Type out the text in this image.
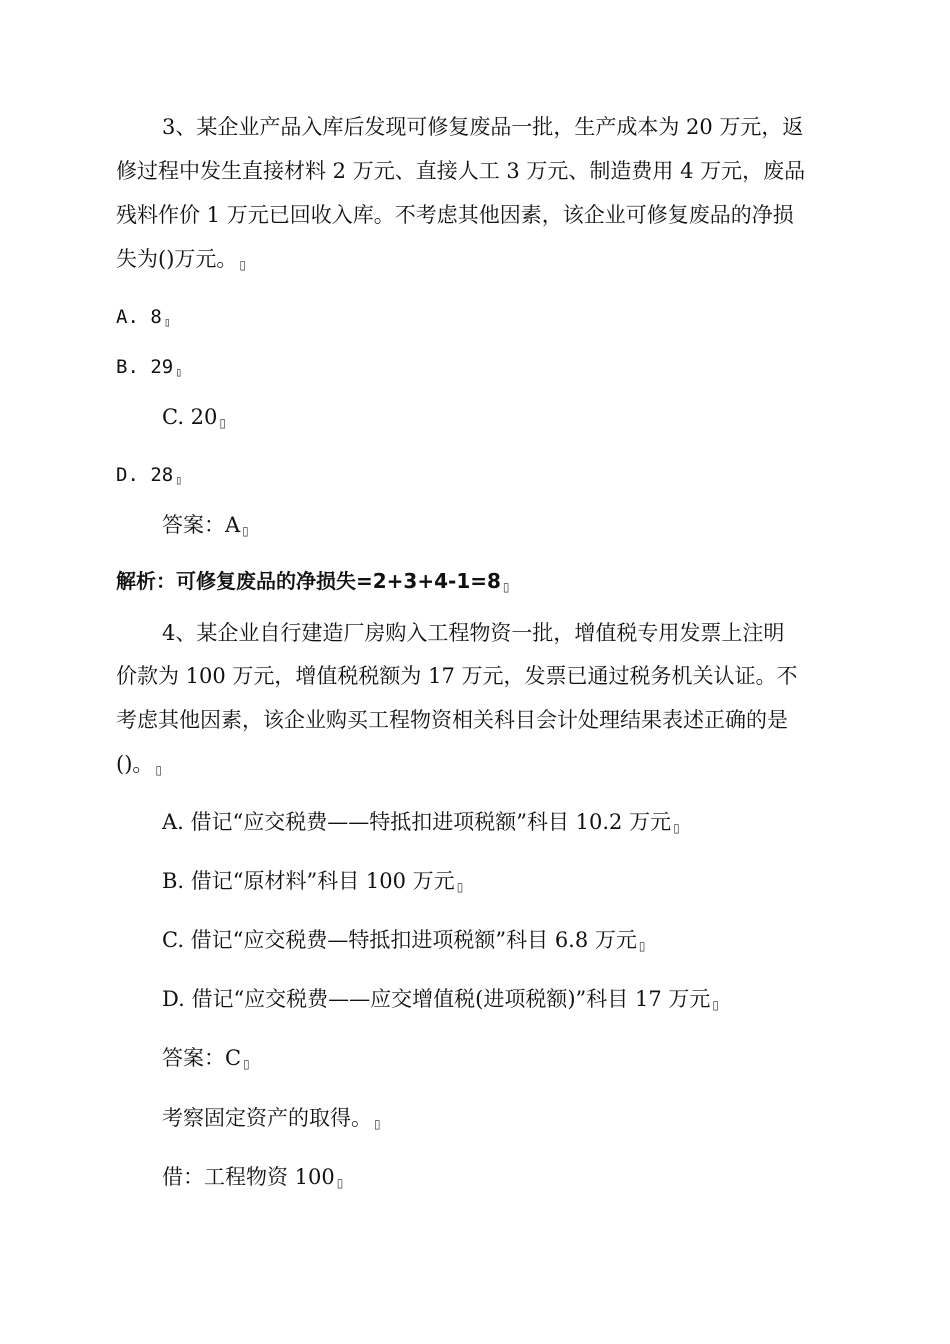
3、某企业产品入库后发现可修复废品一批，生产成本为 20 万元，返
修过程中发生直接材料 2 万元、直接人工 3 万元、制造费用 4 万元，废品
残料作价 1 万元已回收入库。不考虑其他因素，该企业可修复废品的净损
失为()万元。 ▯
A. 8 ▯
B. 29 ▯
C. 20 ▯
D. 28 ▯
答案：A ▯
解析：可修复废品的净损失=2+3+4-1=8 ▯
4、某企业自行建造厂房购入工程物资一批，增值税专用发票上注明
价款为 100 万元，增值税税额为 17 万元，发票已通过税务机关认证。不
考虑其他因素，该企业购买工程物资相关科目会计处理结果表述正确的是
()。 ▯
A. 借记“应交税费——特抵扣进项税额”科目 10.2 万元 ▯
B. 借记“原材料”科目 100 万元 ▯
C. 借记“应交税费—特抵扣进项税额”科目 6.8 万元 ▯
D. 借记“应交税费——应交增值税(进项税额)”科目 17 万元 ▯
答案：C ▯
考察固定资产的取得。 ▯
借：工程物资 100 ▯
